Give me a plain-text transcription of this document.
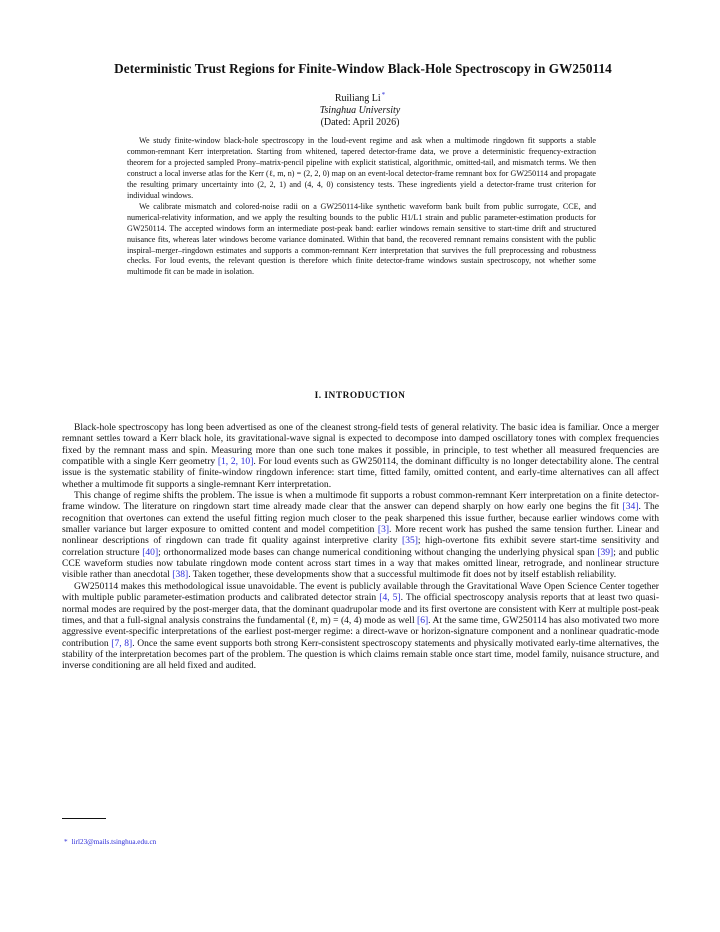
Deterministic Trust Regions for Finite-Window Black-Hole Spectroscopy in GW250114
Ruiliang Li*
Tsinghua University
(Dated: April 2026)

We study finite-window black-hole spectroscopy in the loud-event regime and ask when a multimode ringdown fit supports a stable common-remnant Kerr interpretation. Starting from whitened, tapered detector-frame data, we prove a deterministic frequency-extraction theorem for a projected sampled Prony–matrix-pencil pipeline with explicit statistical, algorithmic, omitted-tail, and mismatch terms. We then construct a local inverse atlas for the Kerr (ℓ, m, n) = (2, 2, 0) map on an event-local detector-frame remnant box for GW250114 and propagate the resulting primary uncertainty into (2, 2, 1) and (4, 4, 0) consistency tests. These ingredients yield a detector-frame trust criterion for individual windows.

We calibrate mismatch and colored-noise radii on a GW250114-like synthetic waveform bank built from public surrogate, CCE, and numerical-relativity information, and we apply the resulting bounds to the public H1/L1 strain and public parameter-estimation products for GW250114. The accepted windows form an intermediate post-peak band: earlier windows remain sensitive to start-time drift and structured nuisance fits, whereas later windows become variance dominated. Within that band, the recovered remnant remains consistent with the public inspiral–merger–ringdown estimates and supports a common-remnant Kerr interpretation that survives the full preprocessing and robustness checks. For loud events, the relevant question is therefore which finite detector-frame windows sustain spectroscopy, not whether some multimode fit can be made in isolation.

I. INTRODUCTION

Black-hole spectroscopy has long been advertised as one of the cleanest strong-field tests of general relativity. The basic idea is familiar. Once a merger remnant settles toward a Kerr black hole, its gravitational-wave signal is expected to decompose into damped oscillatory tones with complex frequencies fixed by the remnant mass and spin. Measuring more than one such tone makes it possible, in principle, to test whether all measured frequencies are compatible with a single Kerr geometry [1, 2, 10]. For loud events such as GW250114, the dominant difficulty is no longer detectability alone. The central issue is the systematic stability of finite-window ringdown inference: start time, fitted family, omitted content, and early-time alternatives can all affect whether a multimode fit supports a single-remnant Kerr interpretation.

This change of regime shifts the problem. The issue is when a multimode fit supports a robust common-remnant Kerr interpretation on a finite detector-frame window. The literature on ringdown start time already made clear that the answer can depend sharply on how early one begins the fit [34]. The recognition that overtones can extend the useful fitting region much closer to the peak sharpened this issue further, because earlier windows come with smaller variance but larger exposure to omitted content and model competition [3]. More recent work has pushed the same tension further. Linear and nonlinear descriptions of ringdown can trade fit quality against interpretive clarity [35]; high-overtone fits exhibit severe start-time sensitivity and correlation structure [40]; orthonormalized mode bases can change numerical conditioning without changing the underlying physical span [39]; and public CCE waveform studies now tabulate ringdown mode content across start times in a way that makes omitted linear, retrograde, and nonlinear structure visible rather than anecdotal [38]. Taken together, these developments show that a successful multimode fit does not by itself establish reliability.

GW250114 makes this methodological issue unavoidable. The event is publicly available through the Gravitational Wave Open Science Center together with multiple public parameter-estimation products and calibrated detector strain [4, 5]. The official spectroscopy analysis reports that at least two quasi-normal modes are required by the post-merger data, that the dominant quadrupolar mode and its first overtone are consistent with Kerr at multiple post-peak times, and that a full-signal analysis constrains the fundamental (ℓ, m) = (4, 4) mode as well [6]. At the same time, GW250114 has also motivated two more aggressive event-specific interpretations of the earliest post-merger regime: a direct-wave or horizon-signature component and a nonlinear quadratic-mode contribution [7, 8]. Once the same event supports both strong Kerr-consistent spectroscopy statements and physically motivated early-time alternatives, the stability of the interpretation becomes part of the problem. The question is which claims remain stable once start time, model family, nuisance structure, and inverse conditioning are all held fixed and audited.

* lirl23@mails.tsinghua.edu.cn
